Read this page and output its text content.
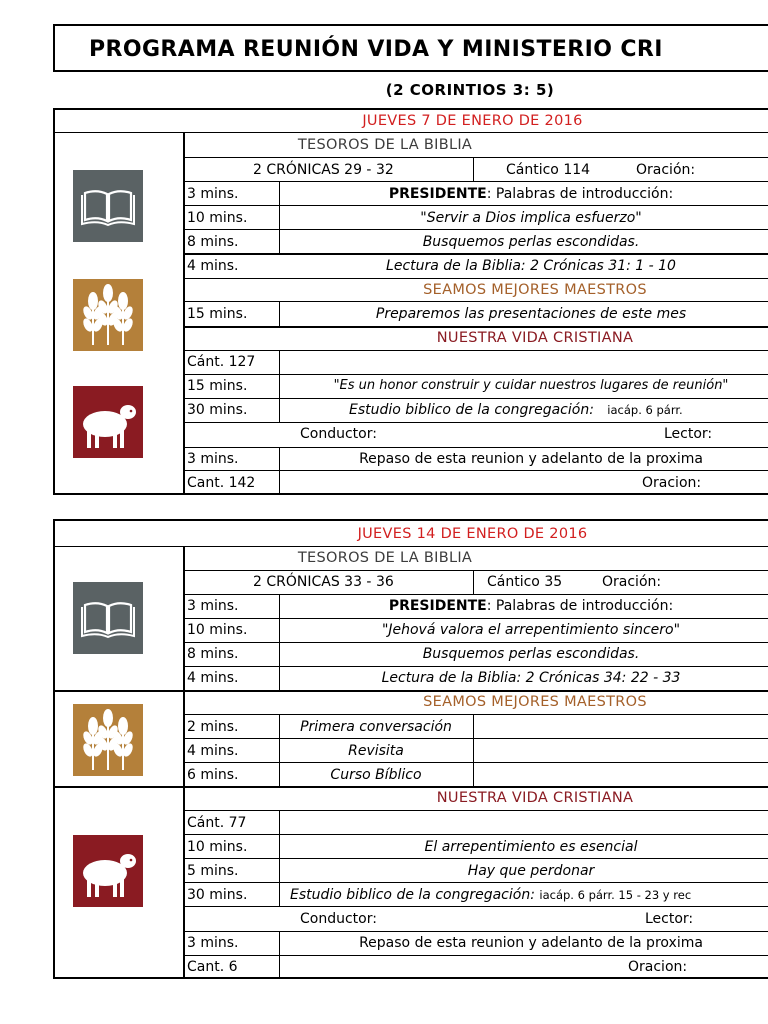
PROGRAMA REUNIÓN VIDA Y MINISTERIO CRI
(2 CORINTIOS 3: 5)
JUEVES 7 DE ENERO DE 2016
TESOROS DE LA BIBLIA
2 CRÓNICAS 29 - 32	Cántico 114	Oración:
3 mins.	PRESIDENTE: Palabras de introducción:
10 mins.	"Servir a Dios implica esfuerzo"
8 mins.	Busquemos perlas escondidas.
4 mins.	Lectura de la Biblia: 2 Crónicas 31: 1 - 10
SEAMOS MEJORES MAESTROS
15 mins.	Preparemos las presentaciones de este mes
NUESTRA VIDA CRISTIANA
Cánt. 127
15 mins.	"Es un honor construir y cuidar nuestros lugares de reunión"
30 mins.	Estudio biblico de la congregación: iacáp. 6 párr.
Conductor:	Lector:
3 mins.	Repaso de esta reunion y adelanto de la proxima
Cant. 142	Oracion:
JUEVES 14 DE ENERO DE 2016
TESOROS DE LA BIBLIA
2 CRÓNICAS 33 - 36	Cántico 35	Oración:
3 mins.	PRESIDENTE: Palabras de introducción:
10 mins.	"Jehová valora el arrepentimiento sincero"
8 mins.	Busquemos perlas escondidas.
4 mins.	Lectura de la Biblia: 2 Crónicas 34: 22 - 33
SEAMOS MEJORES MAESTROS
2 mins.	Primera conversación
4 mins.	Revisita
6 mins.	Curso Bíblico
NUESTRA VIDA CRISTIANA
Cánt. 77
10 mins.	El arrepentimiento es esencial
5 mins.	Hay que perdonar
30 mins.	Estudio biblico de la congregación: iacáp. 6 párr. 15 - 23 y rec
Conductor:	Lector:
3 mins.	Repaso de esta reunion y adelanto de la proxima
Cant. 6	Oracion:
